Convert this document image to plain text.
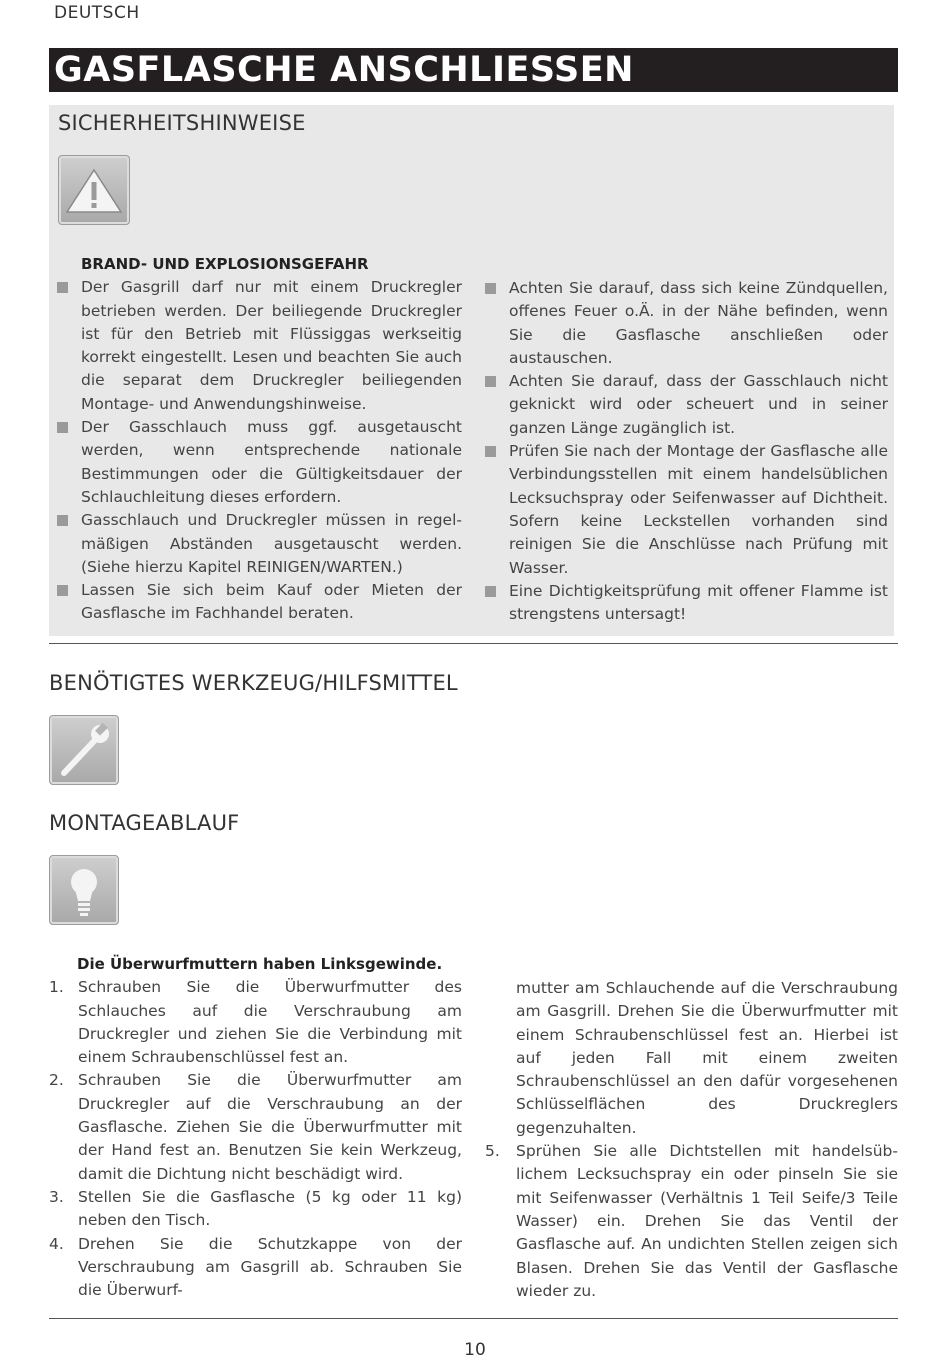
DEUTSCH
GASFLASCHE ANSCHLIESSEN
SICHERHEITSHINWEISE
BRAND- UND EXPLOSIONSGEFAHR
Der Gasgrill darf nur mit einem Druckregler betrieben werden. Der beiliegende Druckregler ist für den Betrieb mit Flüssiggas werkseitig korrekt eingestellt. Lesen und beachten Sie auch die separat dem Druckregler beiliegenden Montage- und Anwendungshinweise.
Der Gasschlauch muss ggf. ausgetauscht werden, wenn entsprechende nationale Bestimmungen oder die Gültigkeitsdauer der Schlauchleitung dieses erfordern.
Gasschlauch und Druckregler müssen in regelmäßigen Abständen ausgetauscht werden. (Siehe hierzu Kapitel REINIGEN/WARTEN.)
Lassen Sie sich beim Kauf oder Mieten der Gasflasche im Fachhandel beraten.
Achten Sie darauf, dass sich keine Zündquellen, offenes Feuer o.Ä. in der Nähe befinden, wenn Sie die Gasflasche anschließen oder austauschen.
Achten Sie darauf, dass der Gasschlauch nicht geknickt wird oder scheuert und in seiner ganzen Länge zugänglich ist.
Prüfen Sie nach der Montage der Gasflasche alle Verbindungsstellen mit einem handelsüblichen Lecksuchspray oder Seifenwasser auf Dichtheit. Sofern keine Leckstellen vorhanden sind reinigen Sie die Anschlüsse nach Prüfung mit Wasser.
Eine Dichtigkeitsprüfung mit offener Flamme ist strengstens untersagt!
BENÖTIGTES WERKZEUG/HILFSMITTEL
MONTAGEABLAUF
Die Überwurfmuttern haben Linksgewinde.
1. Schrauben Sie die Überwurfmutter des Schlauches auf die Verschraubung am Druckregler und ziehen Sie die Verbindung mit einem Schraubenschlüssel fest an.
2. Schrauben Sie die Überwurfmutter am Druckregler auf die Verschraubung an der Gasflasche. Ziehen Sie die Überwurfmutter mit der Hand fest an. Benutzen Sie kein Werkzeug, damit die Dichtung nicht beschädigt wird.
3. Stellen Sie die Gasflasche (5 kg oder 11 kg) neben den Tisch.
4. Drehen Sie die Schutzkappe von der Verschraubung am Gasgrill ab. Schrauben Sie die Überwurf-
mutter am Schlauchende auf die Verschraubung am Gasgrill. Drehen Sie die Überwurfmutter mit einem Schraubenschlüssel fest an. Hierbei ist auf jeden Fall mit einem zweiten Schraubenschlüssel an den dafür vorgesehenen Schlüsselflächen des Druckreglers gegenzuhalten.
5. Sprühen Sie alle Dichtstellen mit handelsüblichem Lecksuchspray ein oder pinseln Sie sie mit Seifenwasser (Verhältnis 1 Teil Seife/3 Teile Wasser) ein. Drehen Sie das Ventil der Gasflasche auf. An undichten Stellen zeigen sich Blasen. Drehen Sie das Ventil der Gasflasche wieder zu.
10
